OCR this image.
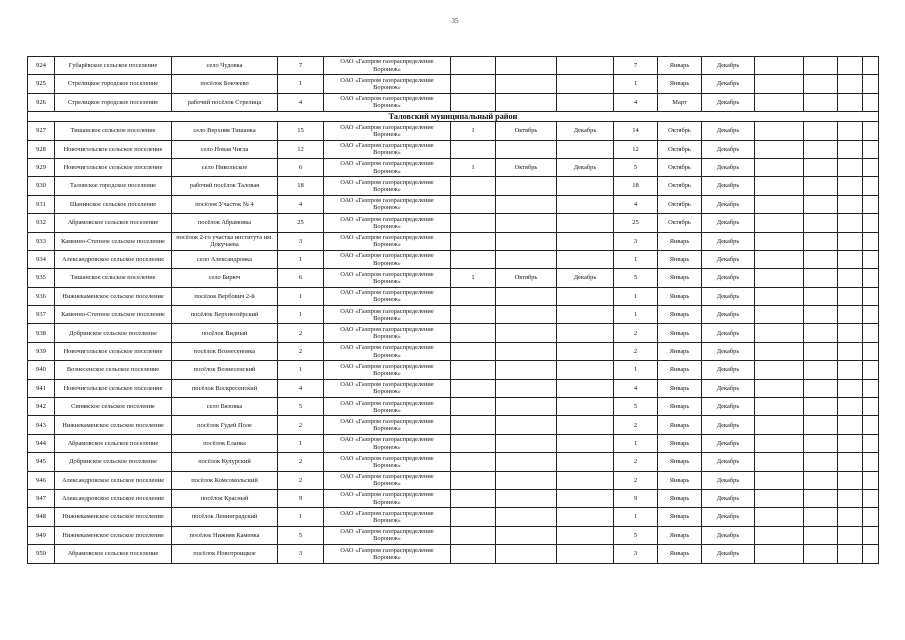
35
924	Губарёвское сельское поселение	село Чудовка	7	ОАО «Газпром газораспределение Воронеж»				7	Январь	Декабрь				
925	Стрелицкое городское поселение	посёлок Бокчеево	1	ОАО «Газпром газораспределение Воронеж»				1	Январь	Декабрь				
926	Стрелицкое городское поселение	рабочий посёлок Стрелица	4	ОАО «Газпром газораспределение Воронеж»				4	Март	Декабрь				
Таловский муниципальный район														
927	Тишанское сельское поселение	село Верхняя Тишанка	15	ОАО «Газпром газораспределение Воронеж»	1	Октябрь	Декабрь	14	Октябрь	Декабрь				
928	Новочигольское сельское поселение	село Новая Чигла	12	ОАО «Газпром газораспределение Воронеж»				12	Октябрь	Декабрь				
929	Новочигольское сельское поселение	село Никольское	6	ОАО «Газпром газораспределение Воронеж»	1	Октябрь	Декабрь	5	Октябрь	Декабрь				
930	Таловское городское поселение	рабочий посёлок Таловая	18	ОАО «Газпром газораспределение Воронеж»				18	Октябрь	Декабрь				
931	Шанинское сельское поселение	посёлок Участок № 4	4	ОАО «Газпром газораспределение Воронеж»				4	Октябрь	Декабрь				
932	Абрамовское сельское поселение	посёлок Абрамовка	25	ОАО «Газпром газораспределение Воронеж»				25	Октябрь	Декабрь				
933	Каменно-Степное сельское поселение	посёлок 2-го участка института им. Докучаева	3	ОАО «Газпром газораспределение Воронеж»				3	Январь	Декабрь				
934	Александровское сельское поселение	село Александровка	1	ОАО «Газпром газораспределение Воронеж»				1	Январь	Декабрь				
935	Тишанское сельское поселение	село Бирюч	6	ОАО «Газпром газораспределение Воронеж»	1	Октябрь	Декабрь	5	Январь	Декабрь				
936	Нижнекаменское сельское поселение	посёлок Вербович 2-й	1	ОАО «Газпром газораспределение Воронеж»				1	Январь	Декабрь				
937	Каменно-Степное сельское поселение	посёлок Верхнеозёрский	1	ОАО «Газпром газораспределение Воронеж»				1	Январь	Декабрь				
938	Добринское сельское поселение	посёлок Видный	2	ОАО «Газпром газораспределение Воронеж»				2	Январь	Декабрь				
939	Новочигольское сельское поселение	посёлок Вознесеновка	2	ОАО «Газпром газораспределение Воронеж»				2	Январь	Декабрь				
940	Вознесенское сельское поселение	посёлок Вознесенский	1	ОАО «Газпром газораспределение Воронеж»				1	Январь	Декабрь				
941	Новочигольское сельское поселение	посёлок Воскресенский	4	ОАО «Газпром газораспределение Воронеж»				4	Январь	Декабрь				
942	Синявское сельское поселение	село Вязовка	5	ОАО «Газпром газораспределение Воронеж»				5	Январь	Декабрь				
943	Нижнекаменское сельское поселение	посёлок Гудей Поле	2	ОАО «Газпром газораспределение Воронеж»				2	Январь	Декабрь				
944	Абрамовское сельское поселение	посёлок Еланка	1	ОАО «Газпром газораспределение Воронеж»				1	Январь	Декабрь				
945	Добринское сельское поселение	посёлок Кулурский	2	ОАО «Газпром газораспределение Воронеж»				2	Январь	Декабрь				
946	Александровское сельское поселение	посёлок Комсомольский	2	ОАО «Газпром газораспределение Воронеж»				2	Январь	Декабрь				
947	Александровское сельское поселение	посёлок Красный	9	ОАО «Газпром газораспределение Воронеж»				9	Январь	Декабрь				
948	Нижнекаменское сельское поселение	посёлок Ленинградский	1	ОАО «Газпром газораспределение Воронеж»				1	Январь	Декабрь				
949	Нижнекаменское сельское поселение	посёлок Нижняя Каменка	5	ОАО «Газпром газораспределение Воронеж»				5	Январь	Декабрь				
950	Абрамовское сельское поселение	посёлок Новотроицкое	3	ОАО «Газпром газораспределение Воронеж»				3	Январь	Декабрь				
